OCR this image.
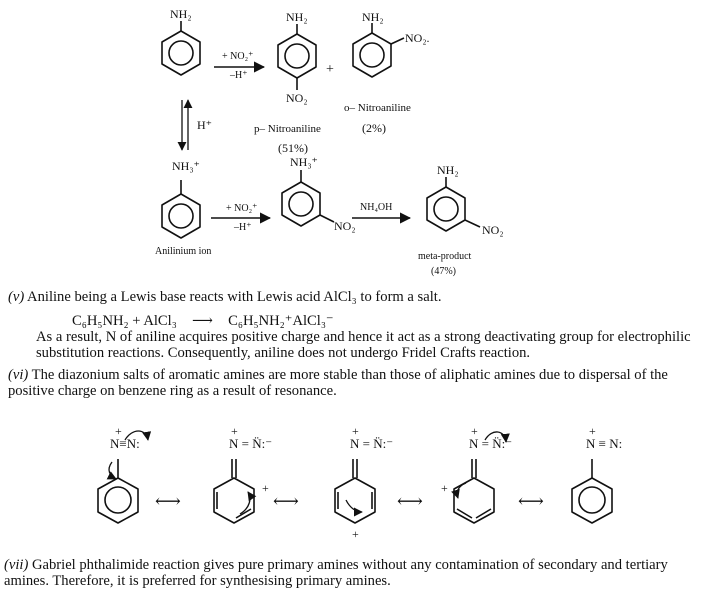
NH₂
+ NO₂⁺
–H⁺
NH₂
NO₂
+
NH₂
NO₂.
p– Nitroaniline
(51%)
o– Nitroaniline
(2%)
H⁺
NH₃⁺
Anilinium ion
+ NO₂⁺
–H⁺
NH₃⁺
NO₂
NH₄OH
NH₂
NO₂
meta-product
(47%)
(v) Aniline being a Lewis base reacts with Lewis acid AlCl₃ to form a salt.
C₆H₅NH₂ + AlCl₃ ⟶ C₆H₅NH₂⁺AlCl₃⁻
As a result, N of aniline acquires positive charge and hence it act as a strong deactivating group for electrophilic substitution reactions. Consequently, aniline does not undergo Fridel Crafts reaction.
(vi) The diazonium salts of aromatic amines are more stable than those of aliphatic amines due to dispersal of the positive charge on benzene ring as a result of resonance.
+
N≡N:
+
N = N̈:⁻
+
+
N = N̈:⁻
+
+
N = N̈:⁻
+
+
N ≡ N:
⟷	⟷	⟷	⟷
(vii) Gabriel phthalimide reaction gives pure primary amines without any contamination of secondary and tertiary amines. Therefore, it is preferred for synthesising primary amines.
